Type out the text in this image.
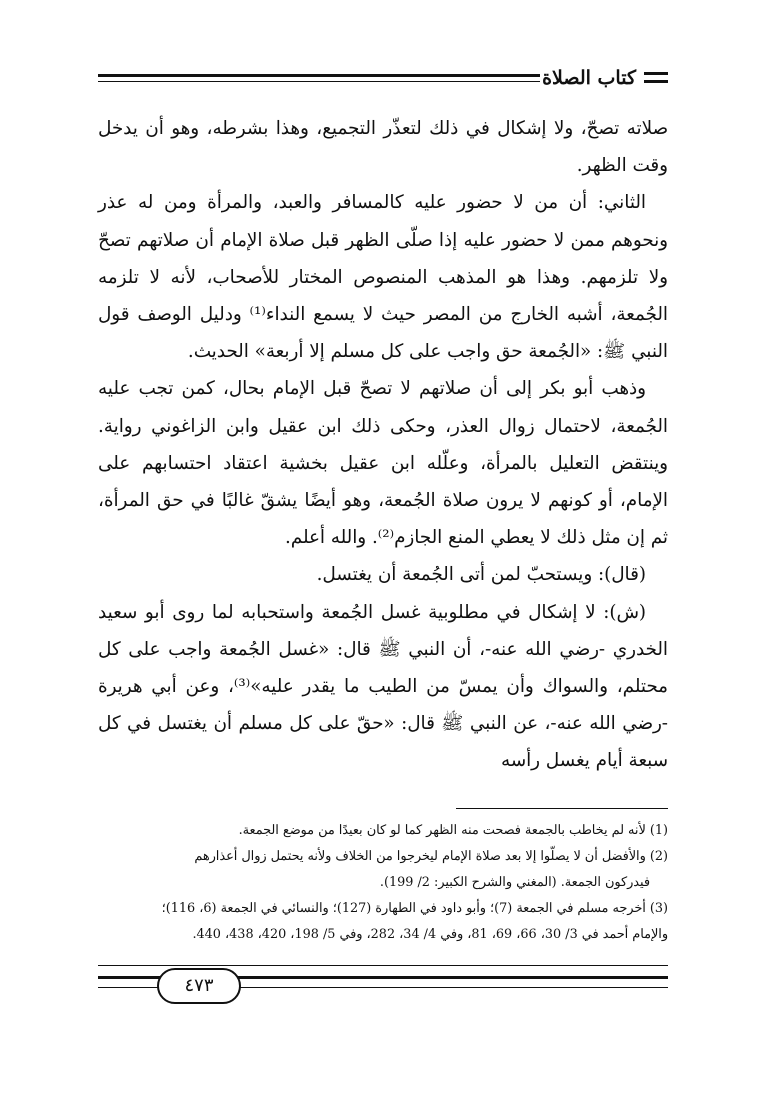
كتاب الصلاة

صلاته تصحّ، ولا إشكال في ذلك لتعذّر التجميع، وهذا بشرطه، وهو أن يدخل وقت الظهر.

الثاني: أن من لا حضور عليه كالمسافر والعبد، والمرأة ومن له عذر ونحوهم ممن لا حضور عليه إذا صلّى الظهر قبل صلاة الإمام أن صلاتهم تصحّ ولا تلزمهم. وهذا هو المذهب المنصوص المختار للأصحاب، لأنه لا تلزمه الجُمعة، أشبه الخارج من المصر حيث لا يسمع النداء⁽¹⁾ ودليل الوصف قول النبي ﷺ: «الجُمعة حق واجب على كل مسلم إلا أربعة» الحديث.

وذهب أبو بكر إلى أن صلاتهم لا تصحّ قبل الإمام بحال، كمن تجب عليه الجُمعة، لاحتمال زوال العذر، وحكى ذلك ابن عقيل وابن الزاغوني رواية. وينتقض التعليل بالمرأة، وعلّله ابن عقيل بخشية اعتقاد احتسابهم على الإمام، أو كونهم لا يرون صلاة الجُمعة، وهو أيضًا يشقّ غالبًا في حق المرأة، ثم إن مثل ذلك لا يعطي المنع الجازم⁽²⁾. والله أعلم.

(قال): ويستحبّ لمن أتى الجُمعة أن يغتسل.

(ش): لا إشكال في مطلوبية غسل الجُمعة واستحبابه لما روى أبو سعيد الخدري -رضي الله عنه-، أن النبي ﷺ قال: «غسل الجُمعة واجب على كل محتلم، والسواك وأن يمسّ من الطيب ما يقدر عليه»⁽³⁾، وعن أبي هريرة -رضي الله عنه-، عن النبي ﷺ قال: «حقّ على كل مسلم أن يغتسل في كل سبعة أيام يغسل رأسه

(1) لأنه لم يخاطب بالجمعة فصحت منه الظهر كما لو كان بعيدًا من موضع الجمعة.

(2) والأفضل أن لا يصلّوا إلا بعد صلاة الإمام ليخرجوا من الخلاف ولأنه يحتمل زوال أعذارهم

فيدركون الجمعة. (المغني والشرح الكبير: 2/ 199).

(3) أخرجه مسلم في الجمعة (7)؛ وأبو داود في الطهارة (127)؛ والنسائي في الجمعة (6، 116)؛

والإمام أحمد في 3/ 30، 66، 69، 81، وفي 4/ 34، 282، وفي 5/ 198، 420، 438، 440.

٤٧٣
